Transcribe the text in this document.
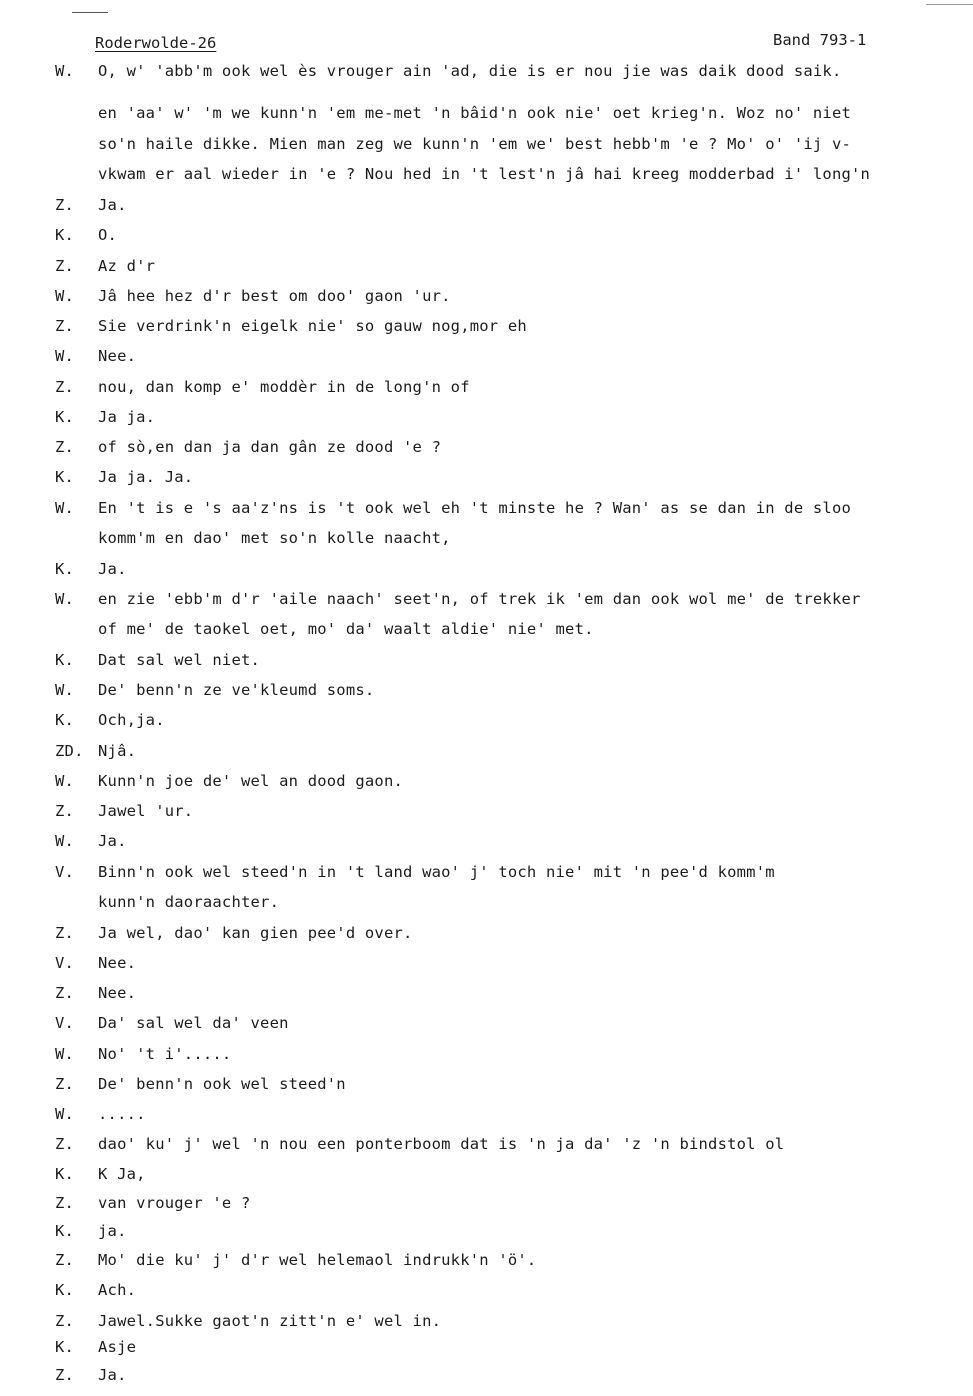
Roderwolde-26	Band 793-1
W.	O, w' 'abb'm ook wel ès vrouger ain 'ad, die is er nou jie was daik dood saik.
en 'aa' w' 'm we kunn'n 'em me-met 'n bâid'n ook nie' oet krieg'n. Woz no' niet
so'n haile dikke. Mien man zeg we kunn'n 'em we' best hebb'm 'e ? Mo' o' 'ij v-
vkwam er aal wieder in 'e ? Nou hed in 't lest'n jâ hai kreeg modderbad i' long'n
Z.	Ja.
K.	O.
Z.	Az d'r
W.	Jâ hee hez d'r best om doo' gaon 'ur.
Z.	Sie verdrink'n eigelk nie' so gauw nog,mor eh
W.	Nee.
Z.	nou, dan komp e' moddèr in de long'n of
K.	Ja ja.
Z.	of sò,en dan ja dan gân ze dood 'e ?
K.	Ja ja. Ja.
W.	En 't is e 's aa'z'ns is 't ook wel eh 't minste he ? Wan' as se dan in de sloo
komm'm en dao' met so'n kolle naacht,
K.	Ja.
W.	en zie 'ebb'm d'r 'aile naach' seet'n, of trek ik 'em dan ook wol me' de trekker
of me' de taokel oet, mo' da' waalt aldie' nie' met.
K.	Dat sal wel niet.
W.	De' benn'n ze ve'kleumd soms.
K.	Och,ja.
ZD. Njâ.
W.	Kunn'n joe de' wel an dood gaon.
Z.	Jawel 'ur.
W.	Ja.
V.	Binn'n ook wel steed'n in 't land wao' j' toch nie' mit 'n pee'd komm'm
kunn'n daoraachter.
Z.	Ja wel, dao' kan gien pee'd over.
V.	Nee.
Z.	Nee.
V.	Da' sal wel da' veen
W.	No' 't i'.....
Z.	De' benn'n ook wel steed'n
W.	.....
Z.	dao' ku' j' wel 'n nou een ponterboom dat is 'n ja da' 'z 'n bindstol ol
K.	K Ja,
Z.	van vrouger 'e ?
K.	ja.
Z.	Mo' die ku' j' d'r wel helemaol indrukk'n 'ö'.
K.	Ach.
Z.	Jawel.Sukke gaot'n zitt'n e' wel in.
K.	Asje
Z.	Ja.
